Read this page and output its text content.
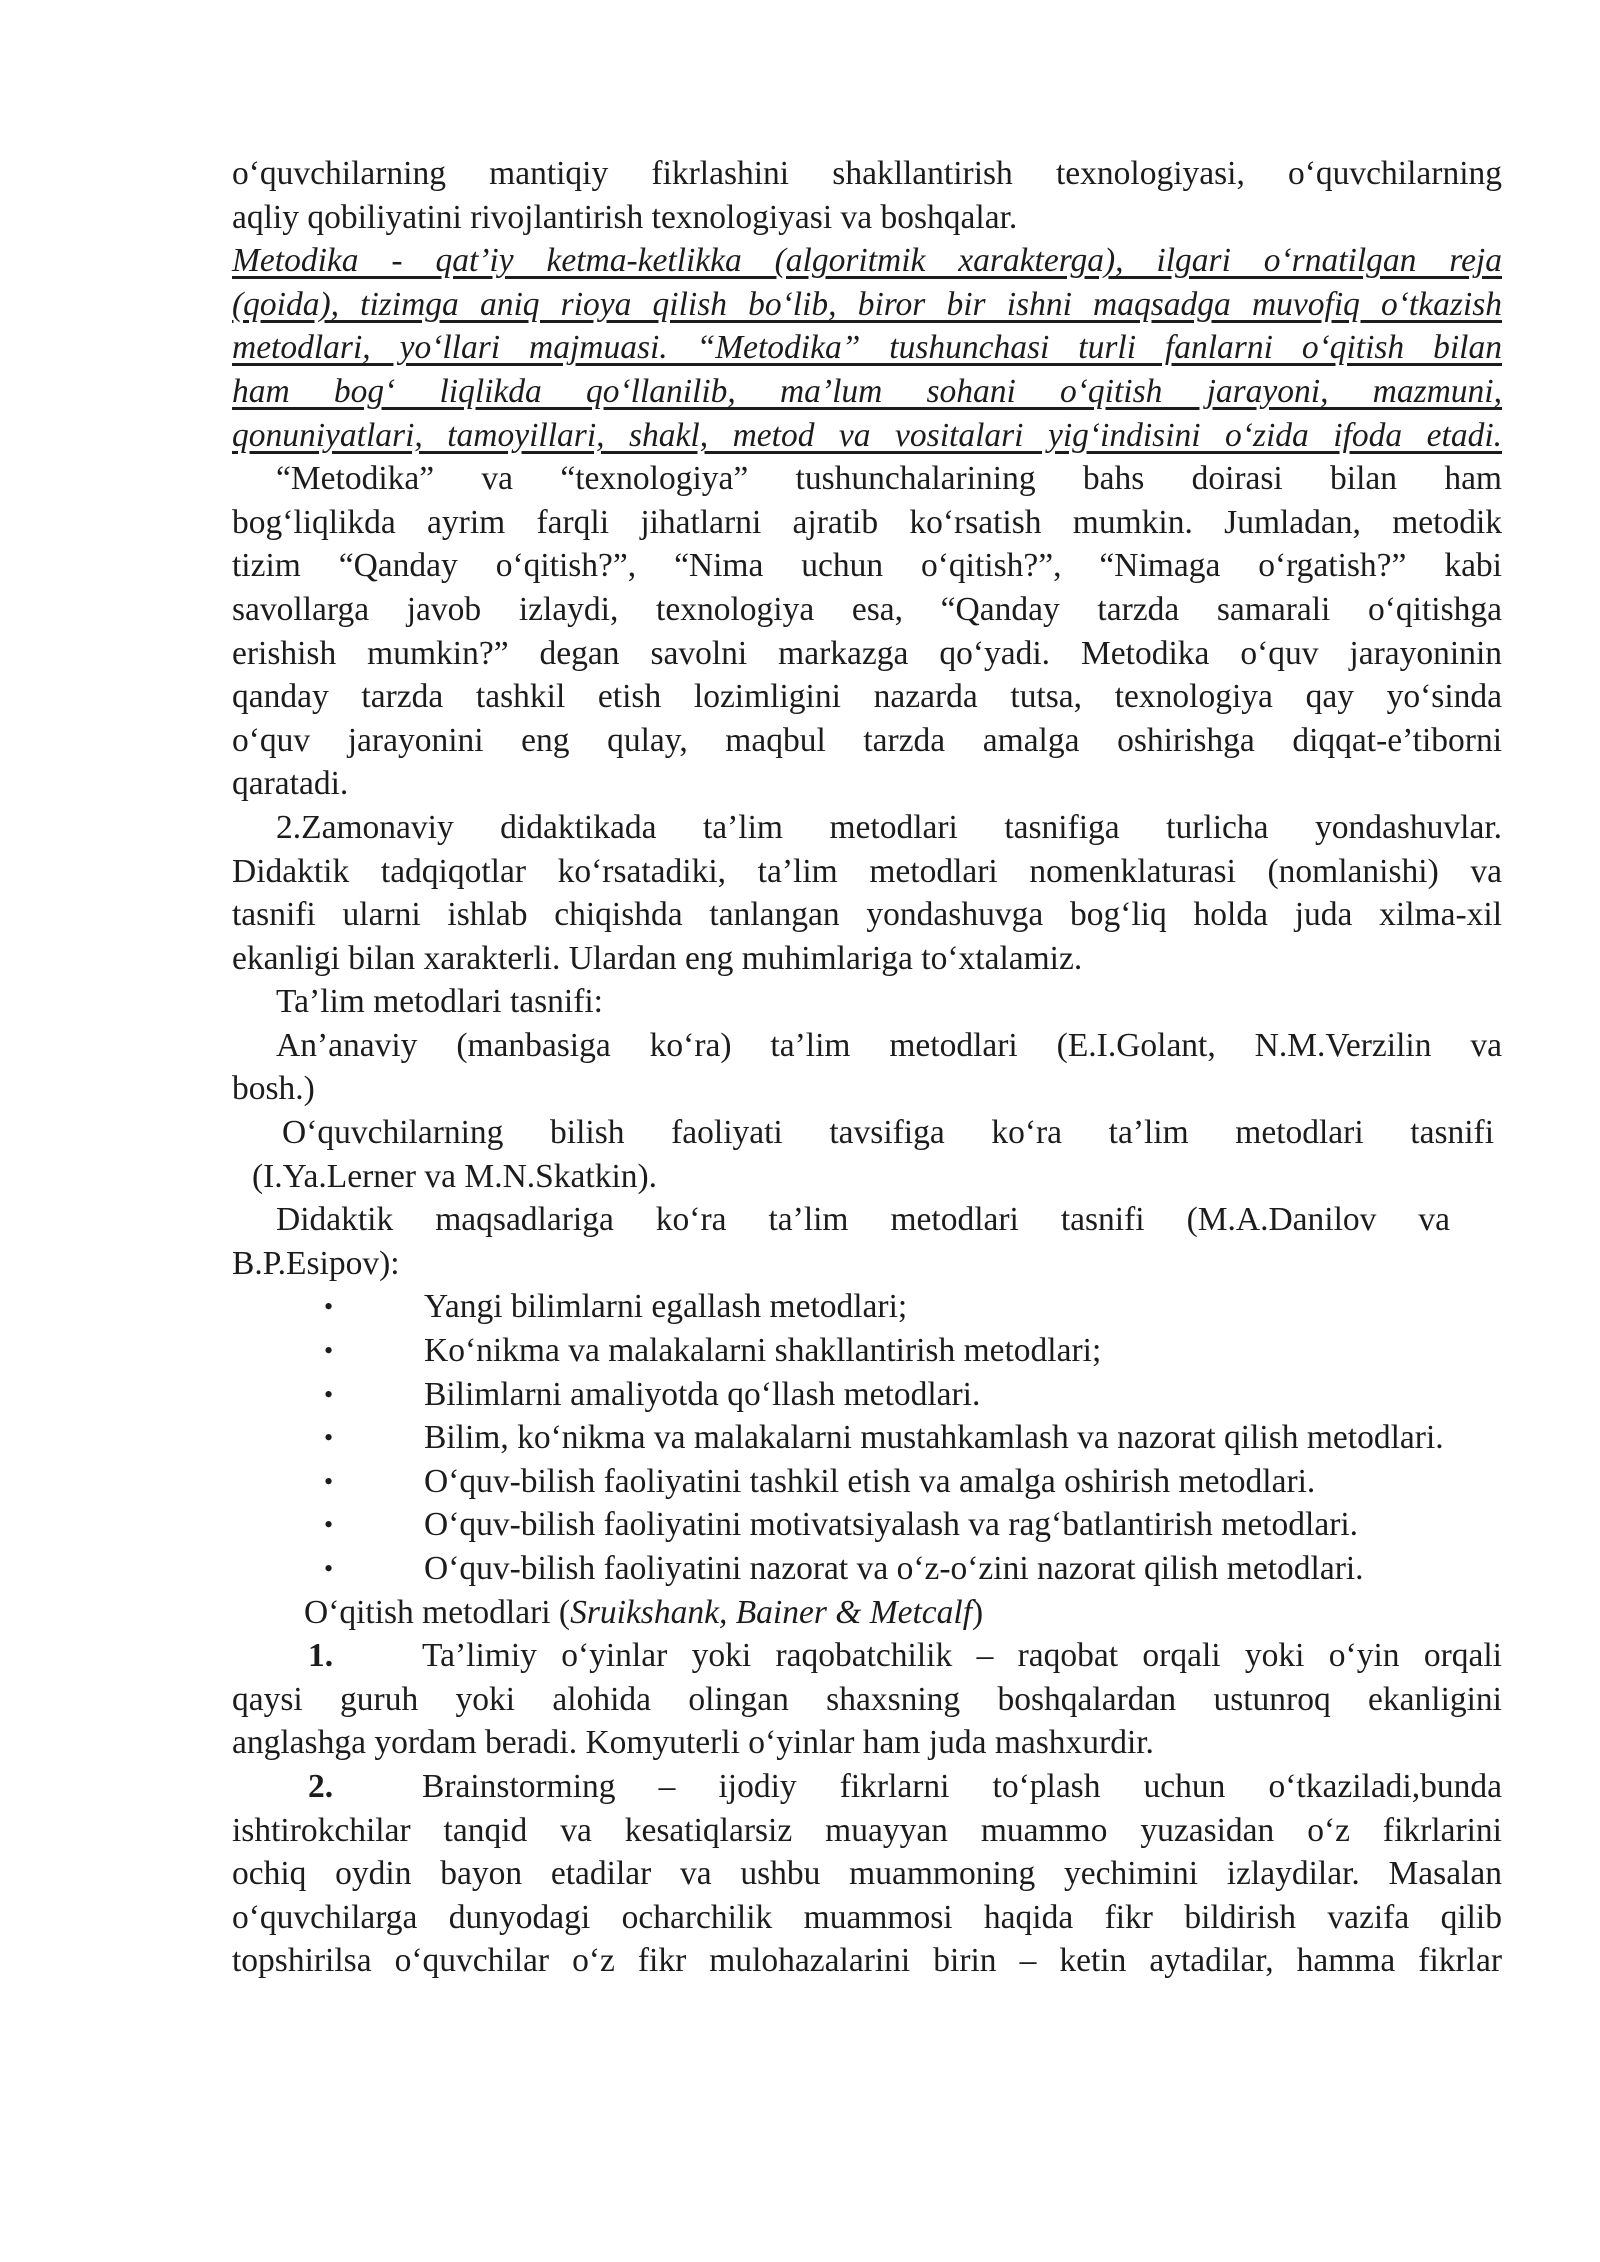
o‘quvchilarning mantiqiy fikrlashini shakllantirish texnologiyasi, o‘quvchilarning

aqliy qobiliyatini rivojlantirish texnologiyasi va boshqalar.

Metodika - qat’iy ketma-ketlikka (algoritmik xarakterga), ilgari o‘rnatilgan reja

(qoida), tizimga aniq rioya qilish bo‘lib, biror bir ishni maqsadga muvofiq o‘tkazish

metodlari, yo‘llari majmuasi. “Metodika” tushunchasi turli fanlarni o‘qitish bilan

ham bog‘ liqlikda qo‘llanilib, ma’lum sohani o‘qitish jarayoni, mazmuni,

qonuniyatlari, tamoyillari, shakl, metod va vositalari yig‘indisini o‘zida ifoda etadi.

“Metodika” va “texnologiya” tushunchalarining bahs doirasi bilan ham

bog‘liqlikda ayrim farqli jihatlarni ajratib ko‘rsatish mumkin. Jumladan, metodik

tizim “Qanday o‘qitish?”, “Nima uchun o‘qitish?”, “Nimaga o‘rgatish?” kabi

savollarga javob izlaydi, texnologiya esa, “Qanday tarzda samarali o‘qitishga

erishish mumkin?” degan savolni markazga qo‘yadi. Metodika o‘quv jarayoninin

qanday tarzda tashkil etish lozimligini nazarda tutsa, texnologiya qay yo‘sinda

o‘quv jarayonini eng qulay, maqbul tarzda amalga oshirishga diqqat-e’tiborni

qaratadi.

2.Zamonaviy didaktikada ta’lim metodlari tasnifiga turlicha yondashuvlar.

Didaktik tadqiqotlar ko‘rsatadiki, ta’lim metodlari nomenklaturasi (nomlanishi) va

tasnifi ularni ishlab chiqishda tanlangan yondashuvga bog‘liq holda juda xilma-xil

ekanligi bilan xarakterli. Ulardan eng muhimlariga to‘xtalamiz.

Ta’lim metodlari tasnifi:

An’anaviy (manbasiga ko‘ra) ta’lim metodlari (E.I.Golant, N.M.Verzilin va

bosh.)

O‘quvchilarning bilish faoliyati tavsifiga ko‘ra ta’lim metodlari tasnifi

(I.Ya.Lerner va M.N.Skatkin).

Didaktik maqsadlariga ko‘ra ta’lim metodlari tasnifi (M.A.Danilov va

B.P.Esipov):

•	Yangi bilimlarni egallash metodlari;
•	Ko‘nikma va malakalarni shakllantirish metodlari;
•	Bilimlarni amaliyotda qo‘llash metodlari.
•	Bilim, ko‘nikma va malakalarni mustahkamlash va nazorat qilish metodlari.
•	O‘quv-bilish faoliyatini tashkil etish va amalga oshirish metodlari.
•	O‘quv-bilish faoliyatini motivatsiyalash va rag‘batlantirish metodlari.
•	O‘quv-bilish faoliyatini nazorat va o‘z-o‘zini nazorat qilish metodlari.

O‘qitish metodlari (Sruikshank, Bainer & Metcalf)

1.	Ta’limiy o‘yinlar yoki raqobatchilik – raqobat orqali yoki o‘yin orqali

qaysi guruh yoki alohida olingan shaxsning boshqalardan ustunroq ekanligini

anglashga yordam beradi. Komyuterli o‘yinlar ham juda mashxurdir.

2.	Brainstorming – ijodiy fikrlarni to‘plash uchun o‘tkaziladi,bunda

ishtirokchilar tanqid va kesatiqlarsiz muayyan muammo yuzasidan o‘z fikrlarini

ochiq oydin bayon etadilar va ushbu muammoning yechimini izlaydilar. Masalan

o‘quvchilarga dunyodagi ocharchilik muammosi haqida fikr bildirish vazifa qilib

topshirilsa o‘quvchilar o‘z fikr mulohazalarini birin – ketin aytadilar, hamma fikrlar
